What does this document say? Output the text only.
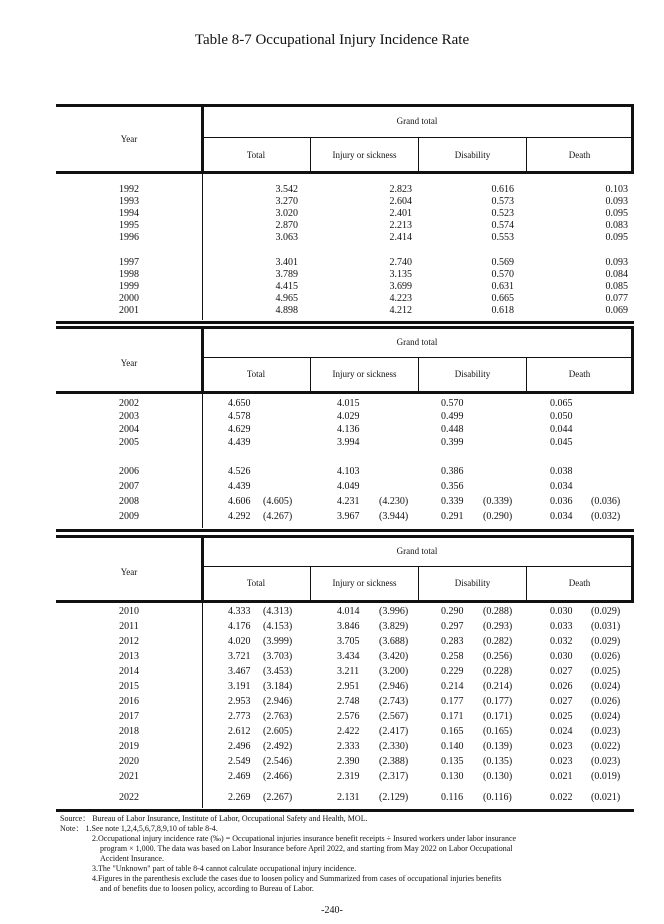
Table 8-7 Occupational Injury Incidence Rate
Year
Grand total
Total	Injury or sickness	Disability	Death
1992	3.542	2.823	0.616	0.103
1993	3.270	2.604	0.573	0.093
1994	3.020	2.401	0.523	0.095
1995	2.870	2.213	0.574	0.083
1996	3.063	2.414	0.553	0.095
1997	3.401	2.740	0.569	0.093
1998	3.789	3.135	0.570	0.084
1999	4.415	3.699	0.631	0.085
2000	4.965	4.223	0.665	0.077
2001	4.898	4.212	0.618	0.069
Year
Grand total
Total	Injury or sickness	Disability	Death
2002	4.650	4.015	0.570	0.065
2003	4.578	4.029	0.499	0.050
2004	4.629	4.136	0.448	0.044
2005	4.439	3.994	0.399	0.045
2006	4.526	4.103	0.386	0.038
2007	4.439	4.049	0.356	0.034
2008	4.606 (4.605)	4.231 (4.230)	0.339 (0.339)	0.036 (0.036)
2009	4.292 (4.267)	3.967 (3.944)	0.291 (0.290)	0.034 (0.032)
Year
Grand total
Total	Injury or sickness	Disability	Death
2010	4.333 (4.313)	4.014 (3.996)	0.290 (0.288)	0.030 (0.029)
2011	4.176 (4.153)	3.846 (3.829)	0.297 (0.293)	0.033 (0.031)
2012	4.020 (3.999)	3.705 (3.688)	0.283 (0.282)	0.032 (0.029)
2013	3.721 (3.703)	3.434 (3.420)	0.258 (0.256)	0.030 (0.026)
2014	3.467 (3.453)	3.211 (3.200)	0.229 (0.228)	0.027 (0.025)
2015	3.191 (3.184)	2.951 (2.946)	0.214 (0.214)	0.026 (0.024)
2016	2.953 (2.946)	2.748 (2.743)	0.177 (0.177)	0.027 (0.026)
2017	2.773 (2.763)	2.576 (2.567)	0.171 (0.171)	0.025 (0.024)
2018	2.612 (2.605)	2.422 (2.417)	0.165 (0.165)	0.024 (0.023)
2019	2.496 (2.492)	2.333 (2.330)	0.140 (0.139)	0.023 (0.022)
2020	2.549 (2.546)	2.390 (2.388)	0.135 (0.135)	0.023 (0.023)
2021	2.469 (2.466)	2.319 (2.317)	0.130 (0.130)	0.021 (0.019)
2022	2.269 (2.267)	2.131 (2.129)	0.116 (0.116)	0.022 (0.021)
Source： Bureau of Labor Insurance, Institute of Labor, Occupational Safety and Health, MOL.
Note： 1.See note 1,2,4,5,6,7,8,9,10 of table 8-4.
2.Occupational injury incidence rate (‰) = Occupational injuries insurance benefit receipts ÷ Insured workers under labor insurance
program × 1,000. The data was based on Labor Insurance before April 2022, and starting from May 2022 on Labor Occupational
Accident Insurance.
3.The "Unknown" part of table 8-4 cannot calculate occupational injury incidence.
4.Figures in the parenthesis exclude the cases due to loosen policy and Summarized from cases of occupational injuries benefits
and of benefits due to loosen policy, according to Bureau of Labor.
-240-
